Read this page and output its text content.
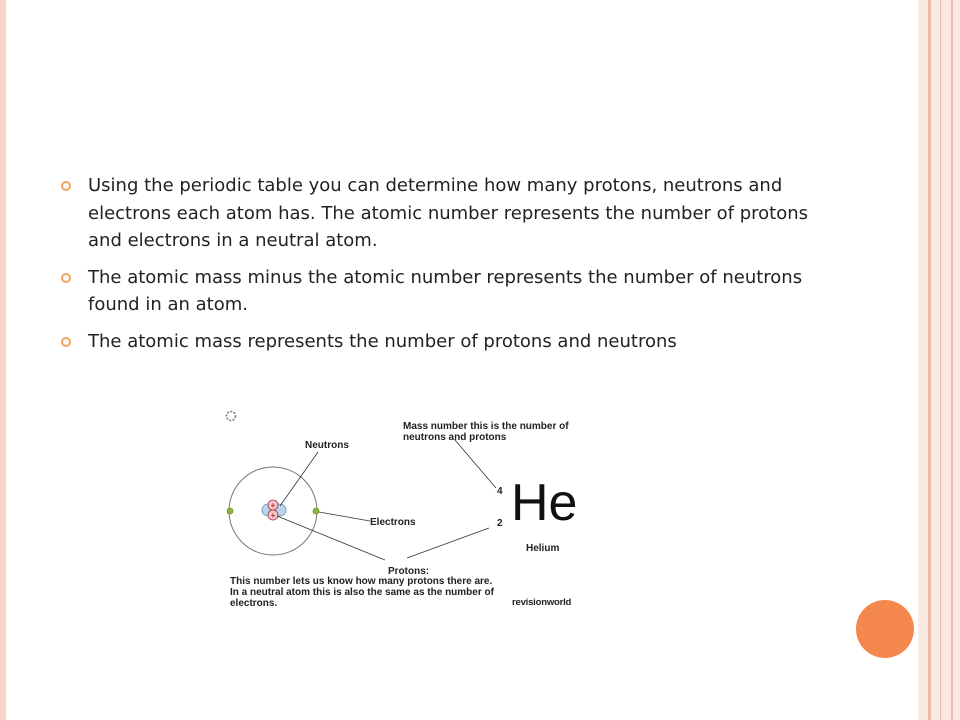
Using the periodic table you can determine how many protons, neutrons and electrons each atom has. The atomic number represents the number of protons and electrons in a neutral atom.
The atomic mass minus the atomic number represents the number of neutrons found in an atom.
The atomic mass represents the number of protons and neutrons
+
+
Mass number this is the number of neutrons and protons
Neutrons
Electrons
Protons:
This number lets us know how many protons there are. In a neutral atom this is also the same as the number of electrons.
4
2 He
Helium
revisionworld
